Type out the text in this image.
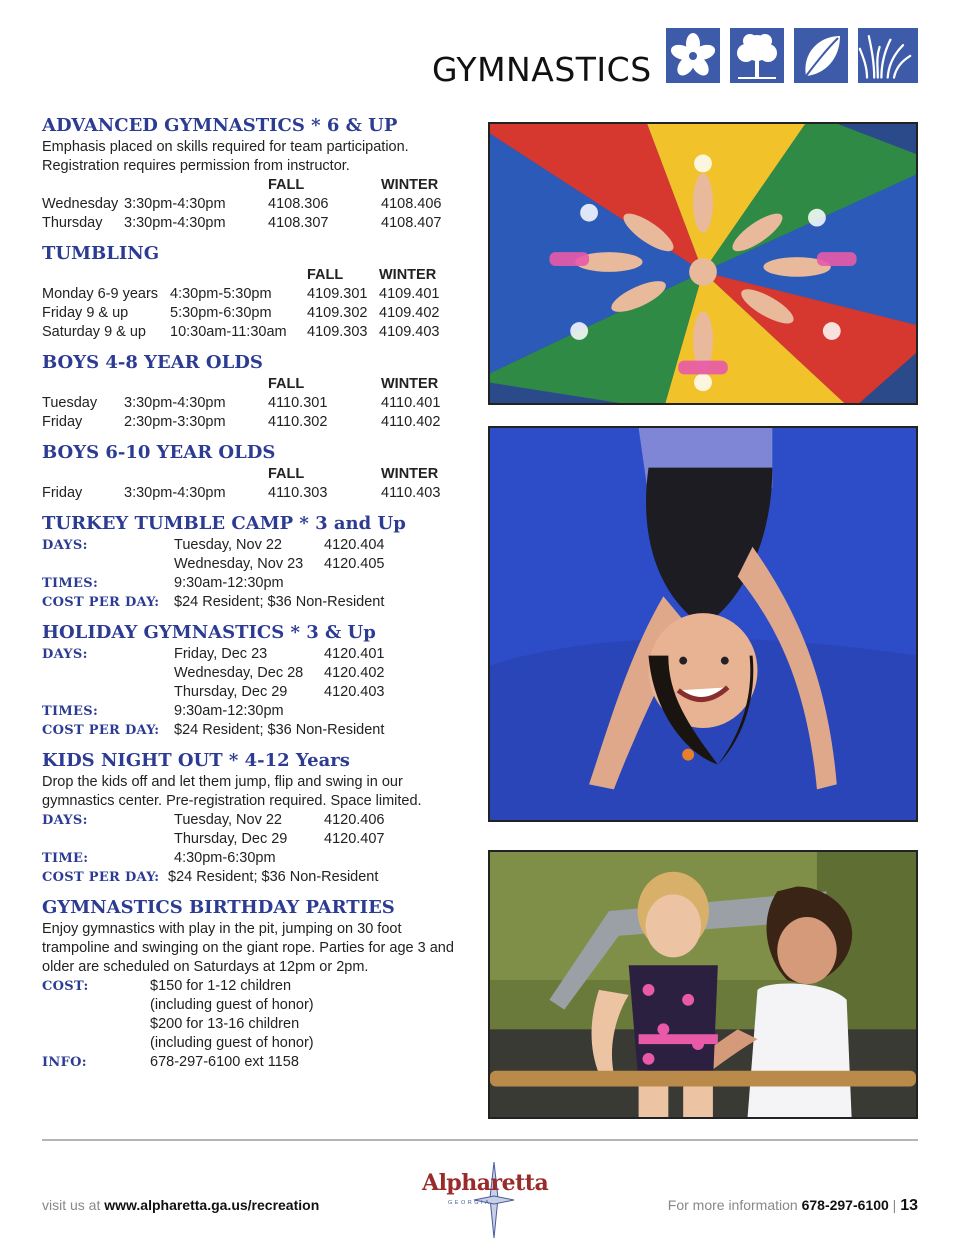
GYMNASTICS
ADVANCED GYMNASTICS * 6 & UP
Emphasis placed on skills required for team participation. Registration requires permission from instructor.
FALL	WINTER
Wednesday 3:30pm-4:30pm	4108.306	4108.406
Thursday 3:30pm-4:30pm	4108.307	4108.407
TUMBLING
FALL WINTER
Monday 6-9 years 4:30pm-5:30pm 4109.301 4109.401
Friday 9 & up	5:30pm-6:30pm 4109.302 4109.402
Saturday 9 & up 10:30am-11:30am 4109.303 4109.403
BOYS 4-8 YEAR OLDS
FALL	WINTER
Tuesday 3:30pm-4:30pm	4110.301	4110.401
Friday	2:30pm-3:30pm	4110.302	4110.402
BOYS 6-10 YEAR OLDS
FALL	WINTER
Friday	3:30pm-4:30pm	4110.303	4110.403
TURKEY TUMBLE CAMP * 3 and Up
DAYS:	Tuesday, Nov 22	4120.404
Wednesday, Nov 23 4120.405
TIMES:	9:30am-12:30pm
COST PER DAY: $24 Resident; $36 Non-Resident
HOLIDAY GYMNASTICS * 3 & Up
DAYS:	Friday, Dec 23	4120.401
Wednesday, Dec 28 4120.402
Thursday, Dec 29	4120.403
TIMES:	9:30am-12:30pm
COST PER DAY: $24 Resident; $36 Non-Resident
KIDS NIGHT OUT * 4-12 Years
Drop the kids off and let them jump, flip and swing in our gymnastics center. Pre-registration required. Space limited.
DAYS:	Tuesday, Nov 22	4120.406
Thursday, Dec 29	4120.407
TIME:	4:30pm-6:30pm
COST PER DAY: $24 Resident; $36 Non-Resident
GYMNASTICS BIRTHDAY PARTIES
Enjoy gymnastics with play in the pit, jumping on 30 foot trampoline and swinging on the giant rope. Parties for age 3 and older are scheduled on Saturdays at 12pm or 2pm.
COST:	$150 for 1-12 children
(including guest of honor)
$200 for 13-16 children
(including guest of honor)
INFO:	678-297-6100 ext 1158
visit us at www.alpharetta.ga.us/recreation
Alpharetta
GEORGIA	For more information 678-297-6100 | 13
